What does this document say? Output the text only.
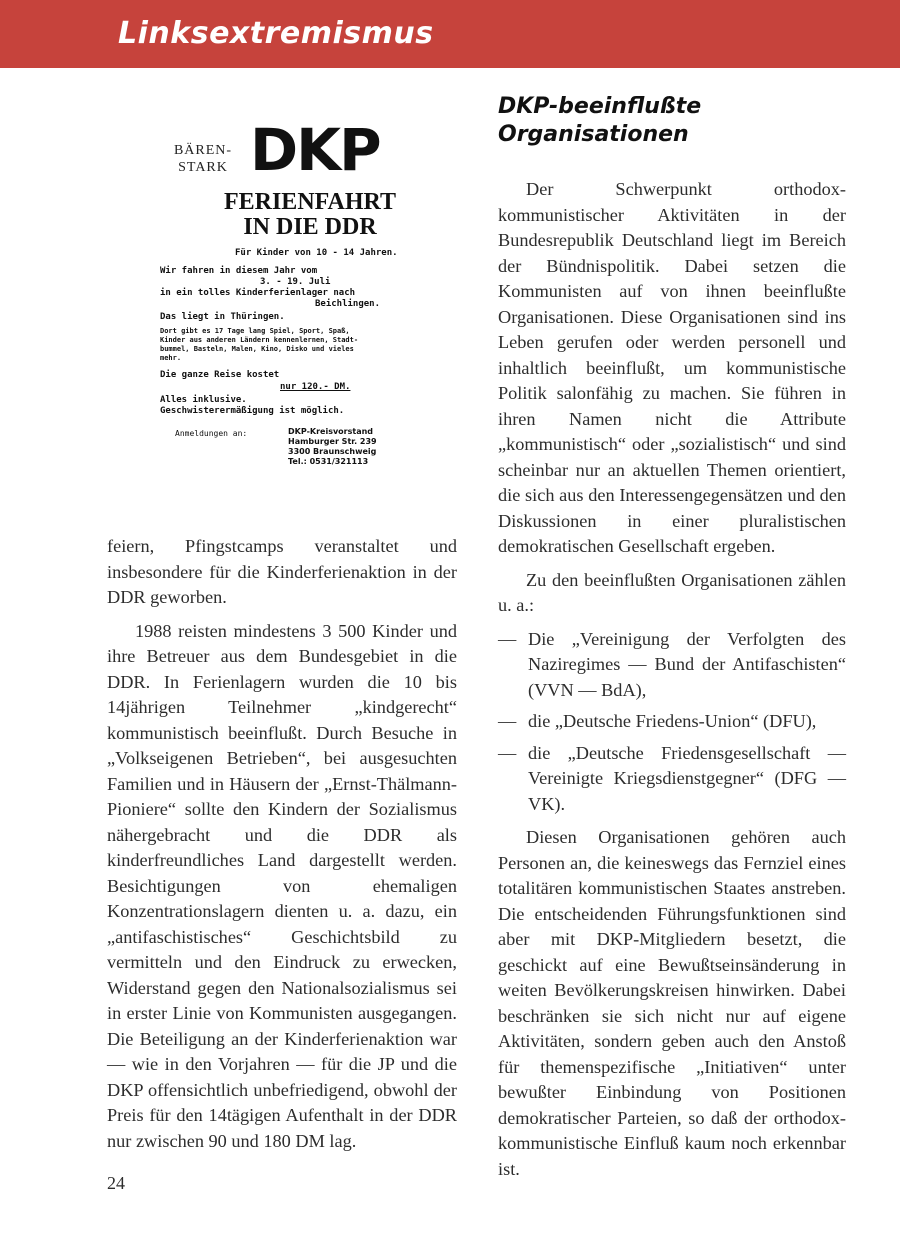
Linksextremismus
BÄREN-
STARK DKP
FERIENFAHRT
IN DIE DDR
Für Kinder von 10 - 14 Jahren.
Wir fahren in diesem Jahr vom
3. - 19. Juli
in ein tolles Kinderferienlager nach
Beichlingen.
Das liegt in Thüringen.
Dort gibt es 17 Tage lang Spiel, Sport, Spaß,
Kinder aus anderen Ländern kennenlernen, Stadt-
bummel, Basteln, Malen, Kino, Disko und vieles
mehr.
Die ganze Reise kostet
nur 120.- DM.
Alles inklusive.
Geschwisterermäßigung ist möglich.
Anmeldungen an:	DKP-Kreisvorstand
Hamburger Str. 239
3300 Braunschweig
Tel.: 0531/321113

feiern, Pfingstcamps veranstaltet und insbesondere für die Kinderferienaktion in der DDR geworben.

1988 reisten mindestens 3 500 Kinder und ihre Betreuer aus dem Bundesgebiet in die DDR. In Ferienlagern wurden die 10 bis 14jährigen Teilnehmer „kindgerecht“ kommunistisch beeinflußt. Durch Besuche in „Volkseigenen Betrieben“, bei ausgesuchten Familien und in Häusern der „Ernst-Thälmann- Pioniere“ sollte den Kindern der Sozialismus nähergebracht und die DDR als kinderfreundliches Land dargestellt werden. Besichtigungen von ehemaligen Konzentrationslagern dienten u. a. dazu, ein „antifaschistisches“ Geschichtsbild zu vermitteln und den Eindruck zu erwecken, Widerstand gegen den Nationalsozialismus sei in erster Linie von Kommunisten ausgegangen. Die Beteiligung an der Kinderferienaktion war — wie in den Vorjahren — für die JP und die DKP offensichtlich unbefriedigend, obwohl der Preis für den 14tägigen Aufenthalt in der DDR nur zwischen 90 und 180 DM lag.

DKP-beeinflußte
Organisationen

Der Schwerpunkt orthodox-kommunistischer Aktivitäten in der Bundesrepublik Deutschland liegt im Bereich der Bündnispolitik. Dabei setzen die Kommunisten auf von ihnen beeinflußte Organisationen. Diese Organisationen sind ins Leben gerufen oder werden personell und inhaltlich beeinflußt, um kommunistische Politik salonfähig zu machen. Sie führen in ihren Namen nicht die Attribute „kommunistisch“ oder „sozialistisch“ und sind scheinbar nur an aktuellen Themen orientiert, die sich aus den Interessengegensätzen und den Diskussionen in einer pluralistischen demokratischen Gesellschaft ergeben.

Zu den beeinflußten Organisationen zählen u. a.:

— Die „Vereinigung der Verfolgten des Naziregimes — Bund der Antifaschisten“ (VVN — BdA),
— die „Deutsche Friedens-Union“ (DFU),
— die „Deutsche Friedensgesellschaft — Vereinigte Kriegsdienstgegner“ (DFG — VK).

Diesen Organisationen gehören auch Personen an, die keineswegs das Fernziel eines totalitären kommunistischen Staates anstreben. Die entscheidenden Führungsfunktionen sind aber mit DKP-Mitgliedern besetzt, die geschickt auf eine Bewußtseinsänderung in weiten Bevölkerungskreisen hinwirken. Dabei beschränken sie sich nicht nur auf eigene Aktivitäten, sondern geben auch den Anstoß für themenspezifische „Initiativen“ unter bewußter Einbindung von Positionen demokratischer Parteien, so daß der orthodox-kommunistische Einfluß kaum noch erkennbar ist.

24
